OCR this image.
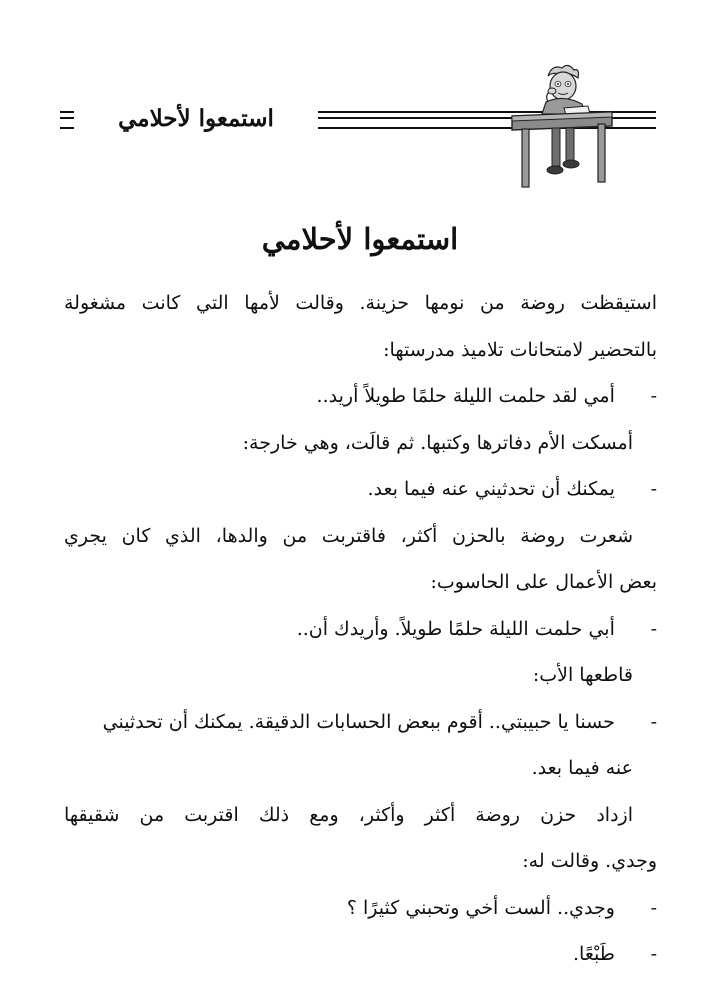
استمعوا لأحلامي
استمعوا لأحلامي
استيقظت روضة من نومها حزينة. وقالت لأمها التي كانت مشغولة
بالتحضير لامتحانات تلاميذ مدرستها:
-   أمي لقد حلمت الليلة حلمًا طويلاً أريد..
أمسكت الأم دفاترها وكتبها. ثم قالَت، وهي خارجة:
-   يمكنك أن تحدثيني عنه فيما بعد.
شعرت روضة بالحزن أكثر، فاقتربت من والدها، الذي كان يجري
بعض الأعمال على الحاسوب:
-   أبي حلمت الليلة حلمًا طويلاً. وأريدك أن..
قاطعها الأب:
-   حسنا يا حبيبتي.. أقوم ببعض الحسابات الدقيقة. يمكنك أن تحدثيني
عنه فيما بعد.
ازداد حزن روضة أكثر وأكثر، ومع ذلك اقتربت من شقيقها
وجدي. وقالت له:
-   وجدي.. ألست أخي وتحبني كثيرًا ؟
-   طَبْعًا.
